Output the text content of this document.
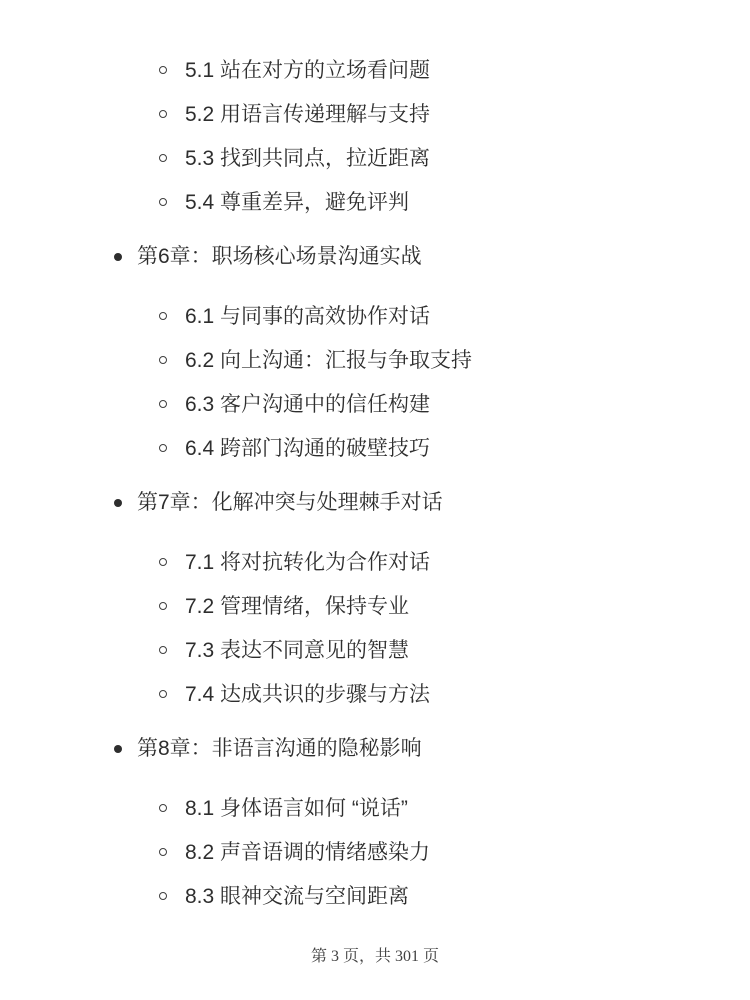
5.1 站在对方的立场看问题
5.2 用语言传递理解与支持
5.3 找到共同点，拉近距离
5.4 尊重差异，避免评判
第6章：职场核心场景沟通实战
6.1 与同事的高效协作对话
6.2 向上沟通：汇报与争取支持
6.3 客户沟通中的信任构建
6.4 跨部门沟通的破壁技巧
第7章：化解冲突与处理棘手对话
7.1 将对抗转化为合作对话
7.2 管理情绪，保持专业
7.3 表达不同意见的智慧
7.4 达成共识的步骤与方法
第8章：非语言沟通的隐秘影响
8.1 身体语言如何 “说话”
8.2 声音语调的情绪感染力
8.3 眼神交流与空间距离
第 3 页，共 301 页
